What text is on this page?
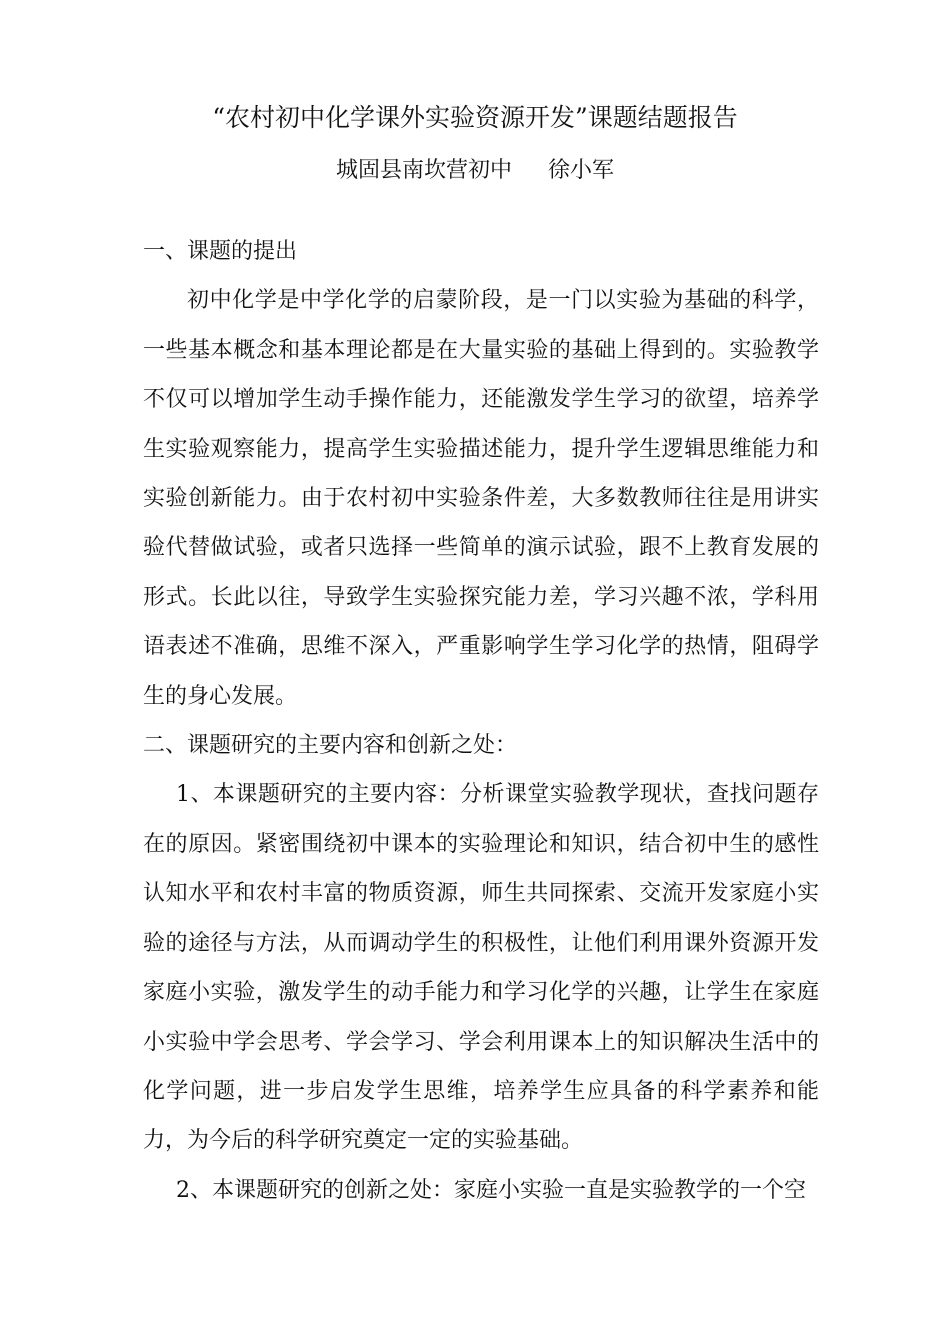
“农村初中化学课外实验资源开发”课题结题报告
城固县南坎营初中 徐小军

一、课题的提出

初中化学是中学化学的启蒙阶段，是一门以实验为基础的科学，一些基本概念和基本理论都是在大量实验的基础上得到的。实验教学不仅可以增加学生动手操作能力，还能激发学生学习的欲望，培养学生实验观察能力，提高学生实验描述能力，提升学生逻辑思维能力和实验创新能力。由于农村初中实验条件差，大多数教师往往是用讲实验代替做试验，或者只选择一些简单的演示试验，跟不上教育发展的形式。长此以往，导致学生实验探究能力差，学习兴趣不浓，学科用语表述不准确，思维不深入，严重影响学生学习化学的热情，阻碍学生的身心发展。

二、课题研究的主要内容和创新之处：

1、本课题研究的主要内容：分析课堂实验教学现状，查找问题存在的原因。紧密围绕初中课本的实验理论和知识，结合初中生的感性认知水平和农村丰富的物质资源，师生共同探索、交流开发家庭小实验的途径与方法，从而调动学生的积极性，让他们利用课外资源开发家庭小实验，激发学生的动手能力和学习化学的兴趣，让学生在家庭小实验中学会思考、学会学习、学会利用课本上的知识解决生活中的化学问题，进一步启发学生思维，培养学生应具备的科学素养和能力，为今后的科学研究奠定一定的实验基础。

2、本课题研究的创新之处：家庭小实验一直是实验教学的一个空
